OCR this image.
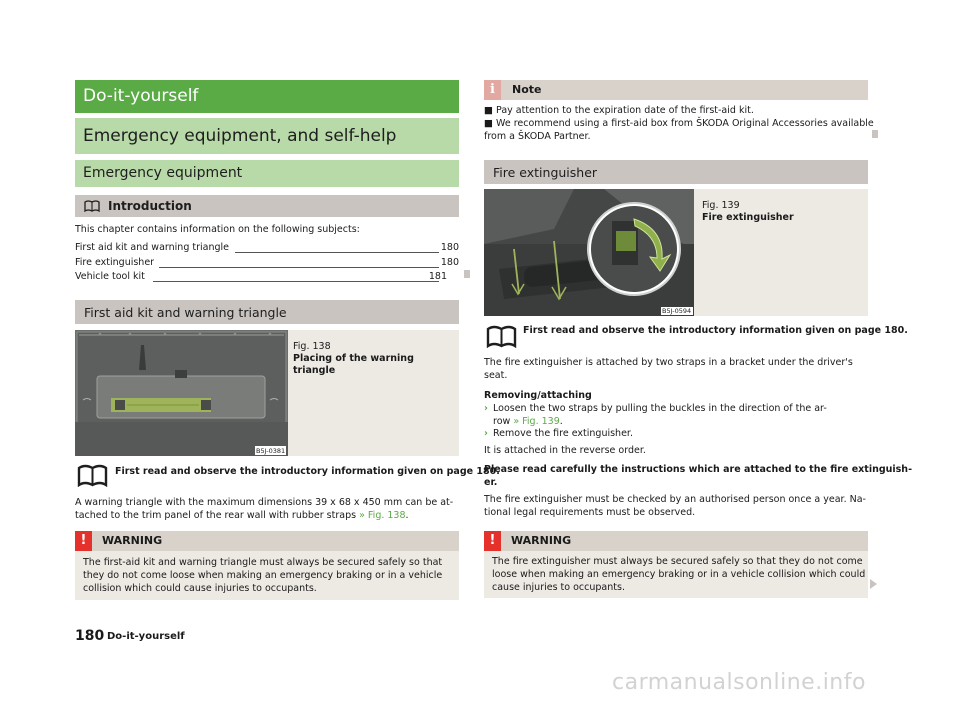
Do-it-yourself
Emergency equipment, and self-help
Emergency equipment
Introduction
This chapter contains information on the following subjects:
First aid kit and warning triangle	180
Fire extinguisher	180
Vehicle tool kit	181
First aid kit and warning triangle
B5J-0381
Fig. 138
Placing of the warning triangle
First read and observe the introductory information given on page 180.
A warning triangle with the maximum dimensions 39 x 68 x 450 mm can be at-
tached to the trim panel of the rear wall with rubber straps » Fig. 138.
!	WARNING
The first-aid kit and warning triangle must always be secured safely so that
they do not come loose when making an emergency braking or in a vehicle
collision which could cause injuries to occupants.
180 Do-it-yourself
i	Note
■ Pay attention to the expiration date of the first-aid kit.
■ We recommend using a first-aid box from ŠKODA Original Accessories available
from a ŠKODA Partner.
Fire extinguisher
B5J-0594
Fig. 139
Fire extinguisher
First read and observe the introductory information given on page 180.
The fire extinguisher is attached by two straps in a bracket under the driver's
seat.
Removing/attaching
› Loosen the two straps by pulling the buckles in the direction of the ar-
row » Fig. 139.
› Remove the fire extinguisher.
It is attached in the reverse order.
Please read carefully the instructions which are attached to the fire extinguish-
er.
The fire extinguisher must be checked by an authorised person once a year. Na-
tional legal requirements must be observed.
!	WARNING
The fire extinguisher must always be secured safely so that they do not come
loose when making an emergency braking or in a vehicle collision which could
cause injuries to occupants.
carmanualsonline.info
